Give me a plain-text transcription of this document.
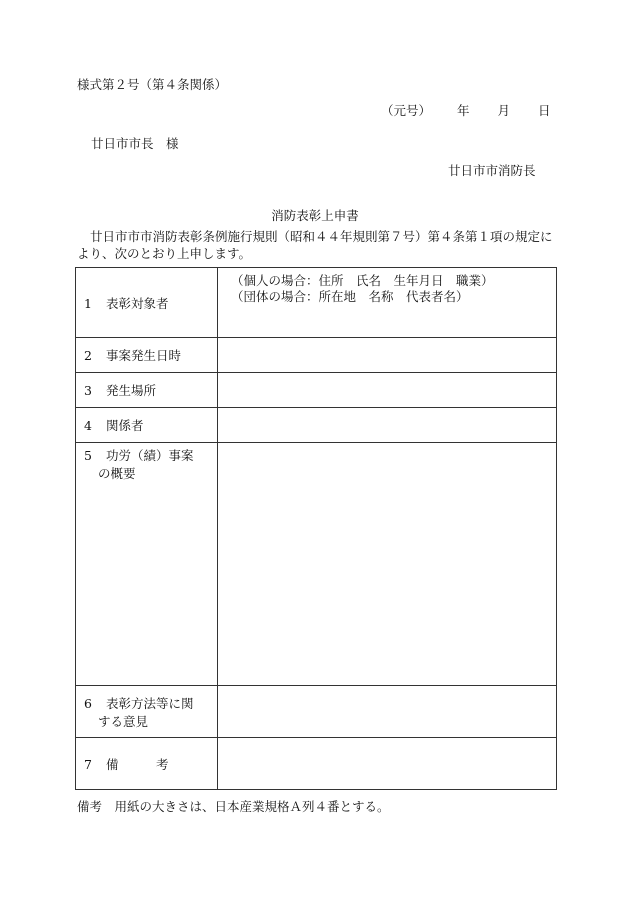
様式第２号（第４条関係）
（元号） 年 月 日
廿日市市長　様
廿日市市消防長
消防表彰上申書
廿日市市市消防表彰条例施行規則（昭和４４年規則第７号）第４条第１項の規定により、次のとおり上申します。
1 表彰対象者	（個人の場合：住所　氏名　生年月日　職業）
（団体の場合：所在地　名称　代表者名）

2 事案発生日時	
3 発生場所	
4 関係者	

5 功労（績）事案
の概要	

6 表彰方法等に関
する意見	

7 備　　　考	
備考　用紙の大きさは、日本産業規格Ａ列４番とする。
